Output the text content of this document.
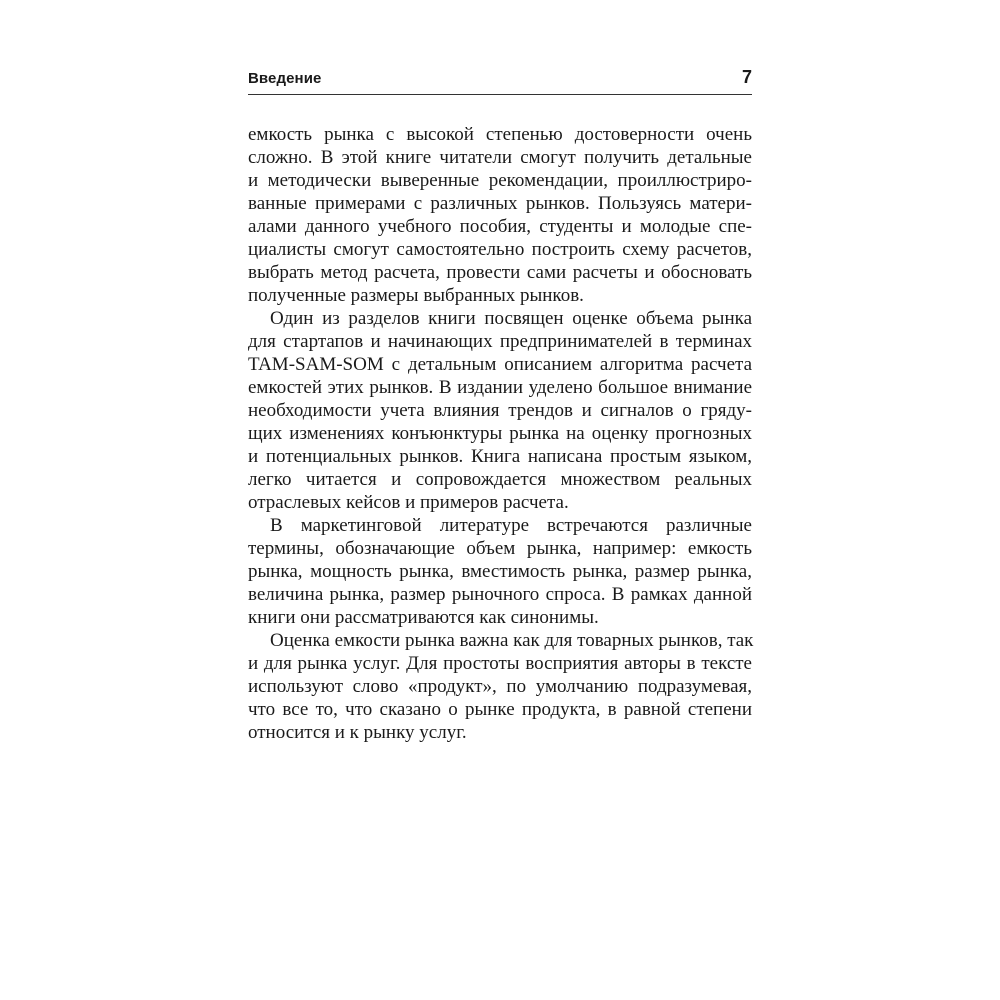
Введение	7
емкость рынка с высокой степенью достоверности очень
сложно. В этой книге читатели смогут получить детальные
и методически выверенные рекомендации, проиллюстриро-
ванные примерами с различных рынков. Пользуясь матери-
алами данного учебного пособия, студенты и молодые спе-
циалисты смогут самостоятельно построить схему расчетов,
выбрать метод расчета, провести сами расчеты и обосновать
полученные размеры выбранных рынков.
Один из разделов книги посвящен оценке объема рынка
для стартапов и начинающих предпринимателей в терминах
TAM-SAM-SOM с детальным описанием алгоритма расчета
емкостей этих рынков. В издании уделено большое внимание
необходимости учета влияния трендов и сигналов о гряду-
щих изменениях конъюнктуры рынка на оценку прогнозных
и потенциальных рынков. Книга написана простым языком,
легко читается и сопровождается множеством реальных
отраслевых кейсов и примеров расчета.
В маркетинговой литературе встречаются различные
термины, обозначающие объем рынка, например: емкость
рынка, мощность рынка, вместимость рынка, размер рынка,
величина рынка, размер рыночного спроса. В рамках данной
книги они рассматриваются как синонимы.
Оценка емкости рынка важна как для товарных рынков, так
и для рынка услуг. Для простоты восприятия авторы в тексте
используют слово «продукт», по умолчанию подразумевая,
что все то, что сказано о рынке продукта, в равной степени
относится и к рынку услуг.
